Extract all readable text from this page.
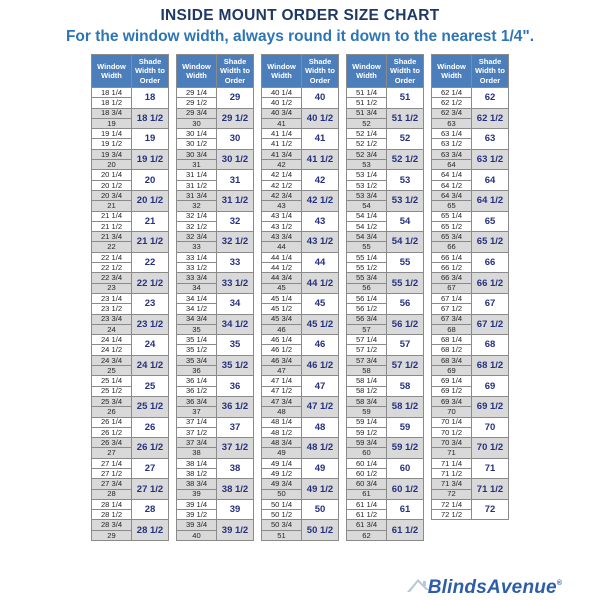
INSIDE MOUNT ORDER SIZE CHART
For the window width, always round it down to the nearest 1/4".
Window Width	Shade Width to Order
18 1/4	18
18 1/2	
18 3/4	18 1/2
19	
19 1/4	19
19 1/2	
19 3/4	19 1/2
20	
20 1/4	20
20 1/2	
20 3/4	20 1/2
21	
21 1/4	21
21 1/2	
21 3/4	21 1/2
22	
22 1/4	22
22 1/2	
22 3/4	22 1/2
23	
23 1/4	23
23 1/2	
23 3/4	23 1/2
24	
24 1/4	24
24 1/2	
24 3/4	24 1/2
25	
25 1/4	25
25 1/2	
25 3/4	25 1/2
26	
26 1/4	26
26 1/2	
26 3/4	26 1/2
27	
27 1/4	27
27 1/2	
27 3/4	27 1/2
28	
28 1/4	28
28 1/2	
28 3/4	28 1/2
29	
Window Width	Shade Width to Order
29 1/4	29
29 1/2	
29 3/4	29 1/2
30	
30 1/4	30
30 1/2	
30 3/4	30 1/2
31	
31 1/4	31
31 1/2	
31 3/4	31 1/2
32	
32 1/4	32
32 1/2	
32 3/4	32 1/2
33	
33 1/4	33
33 1/2	
33 3/4	33 1/2
34	
34 1/4	34
34 1/2	
34 3/4	34 1/2
35	
35 1/4	35
35 1/2	
35 3/4	35 1/2
36	
36 1/4	36
36 1/2	
36 3/4	36 1/2
37	
37 1/4	37
37 1/2	
37 3/4	37 1/2
38	
38 1/4	38
38 1/2	
38 3/4	38 1/2
39	
39 1/4	39
39 1/2	
39 3/4	39 1/2
40	
Window Width	Shade Width to Order
40 1/4	40
40 1/2	
40 3/4	40 1/2
41	
41 1/4	41
41 1/2	
41 3/4	41 1/2
42	
42 1/4	42
42 1/2	
42 3/4	42 1/2
43	
43 1/4	43
43 1/2	
43 3/4	43 1/2
44	
44 1/4	44
44 1/2	
44 3/4	44 1/2
45	
45 1/4	45
45 1/2	
45 3/4	45 1/2
46	
46 1/4	46
46 1/2	
46 3/4	46 1/2
47	
47 1/4	47
47 1/2	
47 3/4	47 1/2
48	
48 1/4	48
48 1/2	
48 3/4	48 1/2
49	
49 1/4	49
49 1/2	
49 3/4	49 1/2
50	
50 1/4	50
50 1/2	
50 3/4	50 1/2
51	
Window Width	Shade Width to Order
51 1/4	51
51 1/2	
51 3/4	51 1/2
52	
52 1/4	52
52 1/2	
52 3/4	52 1/2
53	
53 1/4	53
53 1/2	
53 3/4	53 1/2
54	
54 1/4	54
54 1/2	
54 3/4	54 1/2
55	
55 1/4	55
55 1/2	
55 3/4	55 1/2
56	
56 1/4	56
56 1/2	
56 3/4	56 1/2
57	
57 1/4	57
57 1/2	
57 3/4	57 1/2
58	
58 1/4	58
58 1/2	
58 3/4	58 1/2
59	
59 1/4	59
59 1/2	
59 3/4	59 1/2
60	
60 1/4	60
60 1/2	
60 3/4	60 1/2
61	
61 1/4	61
61 1/2	
61 3/4	61 1/2
62	
Window Width	Shade Width to Order
62 1/4	62
62 1/2	
62 3/4	62 1/2
63	
63 1/4	63
63 1/2	
63 3/4	63 1/2
64	
64 1/4	64
64 1/2	
64 3/4	64 1/2
65	
65 1/4	65
65 1/2	
65 3/4	65 1/2
66	
66 1/4	66
66 1/2	
66 3/4	66 1/2
67	
67 1/4	67
67 1/2	
67 3/4	67 1/2
68	
68 1/4	68
68 1/2	
68 3/4	68 1/2
69	
69 1/4	69
69 1/2	
69 3/4	69 1/2
70	
70 1/4	70
70 1/2	
70 3/4	70 1/2
71	
71 1/4	71
71 1/2	
71 3/4	71 1/2
72	
72 1/4	72
72 1/2	
BlindsAvenue ®
